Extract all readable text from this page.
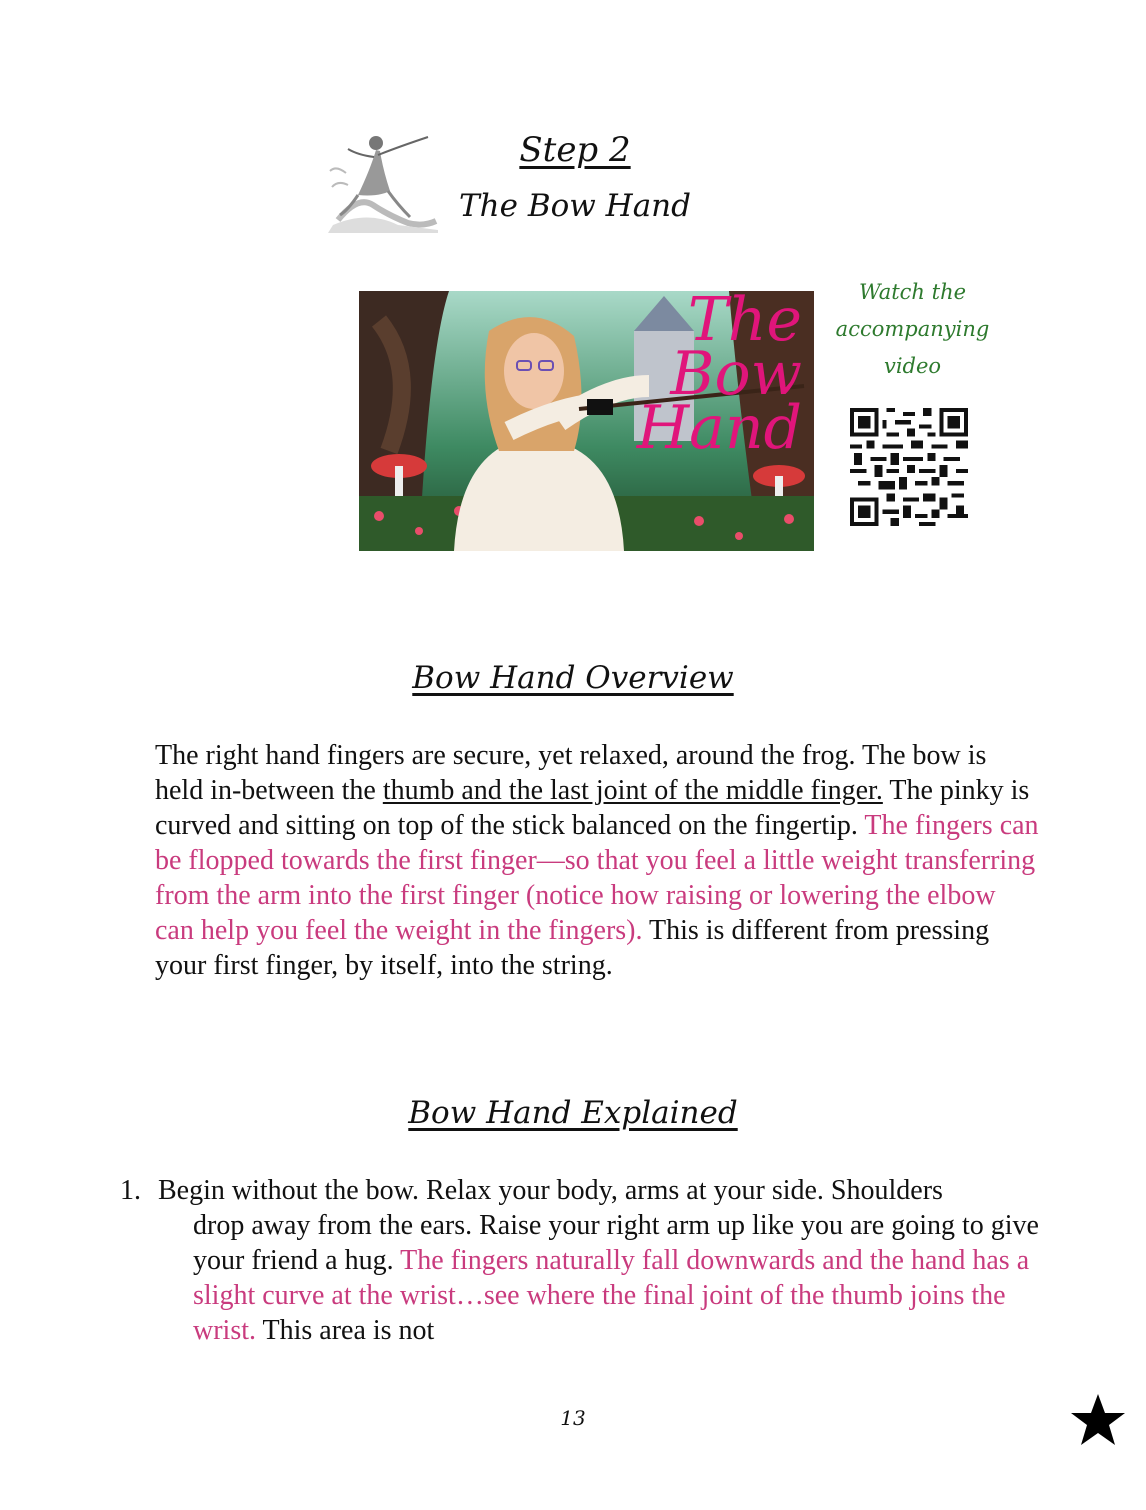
Step 2
The Bow Hand
The
Bow
Hand
Watch the
accompanying
video
Bow Hand Overview

The right hand fingers are secure, yet relaxed, around the frog. The bow is held in-between the thumb and the last joint of the middle finger. The pinky is curved and sitting on top of the stick balanced on the fingertip. The fingers can be flopped towards the first finger—so that you feel a little weight transferring from the arm into the first finger (notice how raising or lowering the elbow can help you feel the weight in the fingers). This is different from pressing your first finger, by itself, into the string.

Bow Hand Explained
1. Begin without the bow. Relax your body, arms at your side. Shoulders
drop away from the ears. Raise your right arm up like you are going to give your friend a hug. The fingers naturally fall downwards and the hand has a slight curve at the wrist…see where the final joint of the thumb joins the wrist. This area is not
13
